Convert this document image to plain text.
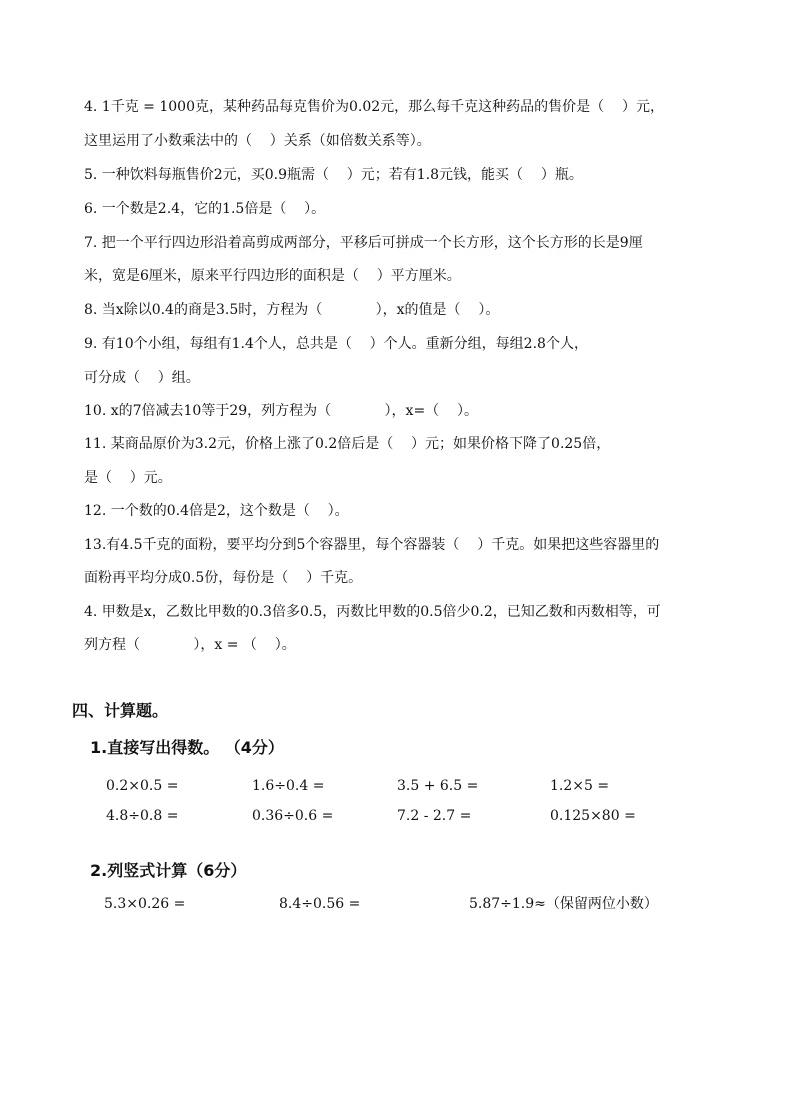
4. 1千克 = 1000克，某种药品每克售价为0.02元，那么每千克这种药品的售价是（    ）元，
这里运用了小数乘法中的（    ）关系（如倍数关系等）。
5. 一种饮料每瓶售价2元，买0.9瓶需（    ）元；若有1.8元钱，能买（    ）瓶。
6. 一个数是2.4，它的1.5倍是（    ）。
7. 把一个平行四边形沿着高剪成两部分，平移后可拼成一个长方形，这个长方形的长是9厘
米，宽是6厘米，原来平行四边形的面积是（    ）平方厘米。
8. 当x除以0.4的商是3.5时，方程为（            ），x的值是（    ）。
9. 有10个小组，每组有1.4个人，总共是（    ）个人。重新分组，每组2.8个人，
可分成（    ）组。
10. x的7倍减去10等于29，列方程为（            ），x=（    ）。
11. 某商品原价为3.2元，价格上涨了0.2倍后是（    ）元；如果价格下降了0.25倍，
是（    ）元。
12. 一个数的0.4倍是2，这个数是（    ）。
13.有4.5千克的面粉，要平均分到5个容器里，每个容器装（    ）千克。如果把这些容器里的
面粉再平均分成0.5份，每份是（    ）千克。
4. 甲数是x，乙数比甲数的0.3倍多0.5，丙数比甲数的0.5倍少0.2，已知乙数和丙数相等，可
列方程（            ），x = （    ）。
四、计算题。
1.直接写出得数。 （4分）
0.2×0.5 =	1.6÷0.4 =	3.5 + 6.5 =	1.2×5 =
4.8÷0.8 =	0.36÷0.6 =	7.2 - 2.7 =	0.125×80 =
2.列竖式计算（6分）
5.3×0.26 =	8.4÷0.56 =	5.87÷1.9≈（保留两位小数）
